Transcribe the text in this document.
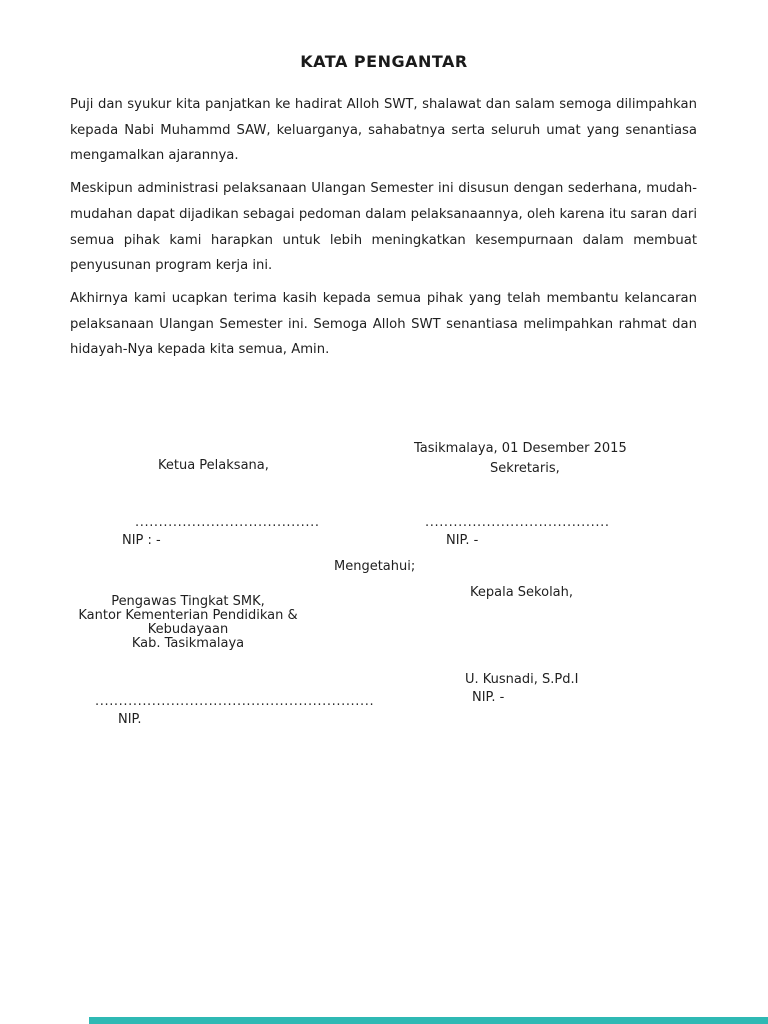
KATA PENGANTAR

Puji dan syukur kita panjatkan ke hadirat Alloh SWT, shalawat dan salam semoga dilimpahkan kepada Nabi Muhammd SAW, keluarganya, sahabatnya serta seluruh umat yang senantiasa mengamalkan ajarannya.

Meskipun administrasi pelaksanaan Ulangan Semester ini disusun dengan sederhana, mudah-mudahan dapat dijadikan sebagai pedoman dalam pelaksanaannya, oleh karena itu saran dari semua pihak kami harapkan untuk lebih meningkatkan kesempurnaan dalam membuat penyusunan program kerja ini.

Akhirnya kami ucapkan terima kasih kepada semua pihak yang telah membantu kelancaran pelaksanaan Ulangan Semester ini. Semoga Alloh SWT senantiasa melimpahkan rahmat dan hidayah-Nya kepada kita semua, Amin.

Tasikmalaya, 01 Desember 2015
Ketua Pelaksana,	Sekretaris,
.......................................	.......................................
NIP : -	NIP. -
Mengetahui;
Pengawas Tingkat SMK,
Kantor Kementerian Pendidikan &
Kebudayaan
Kab. Tasikmalaya
Kepala Sekolah,
U. Kusnadi, S.Pd.I
NIP. -
...........................................................
NIP.
